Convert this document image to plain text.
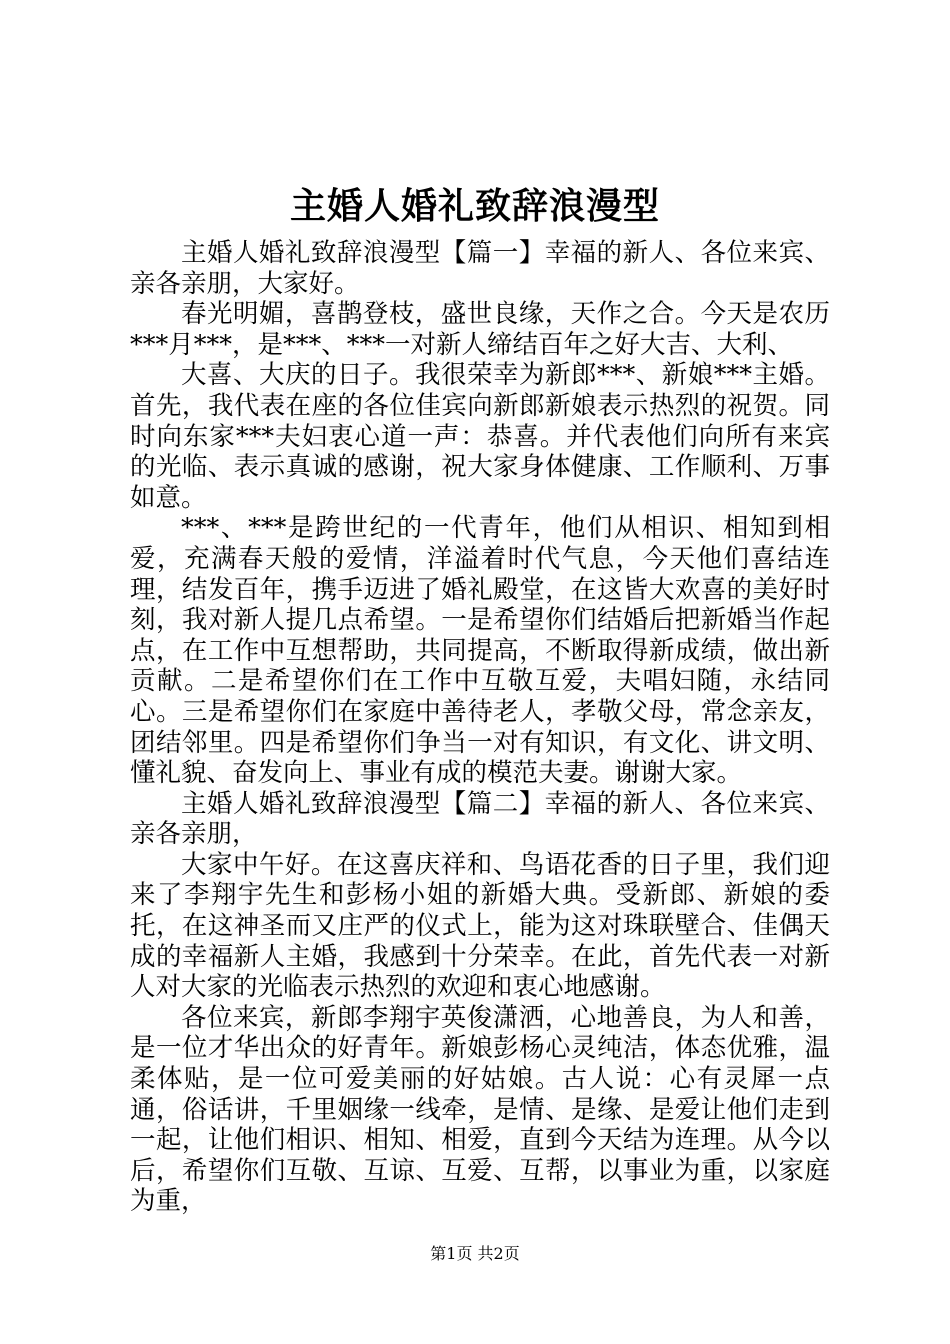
主婚人婚礼致辞浪漫型

主婚人婚礼致辞浪漫型【篇一】幸福的新人、各位来宾、亲各亲朋，大家好。

春光明媚，喜鹊登枝，盛世良缘，天作之合。今天是农历***月***，是***、***一对新人缔结百年之好大吉、大利、

大喜、大庆的日子。我很荣幸为新郎***、新娘***主婚。首先，我代表在座的各位佳宾向新郎新娘表示热烈的祝贺。同时向东家***夫妇衷心道一声：恭喜。并代表他们向所有来宾的光临、表示真诚的感谢，祝大家身体健康、工作顺利、万事如意。

***、***是跨世纪的一代青年，他们从相识、相知到相爱，充满春天般的爱情，洋溢着时代气息，今天他们喜结连理，结发百年，携手迈进了婚礼殿堂，在这皆大欢喜的美好时刻，我对新人提几点希望。一是希望你们结婚后把新婚当作起点，在工作中互想帮助，共同提高，不断取得新成绩，做出新贡献。二是希望你们在工作中互敬互爱，夫唱妇随，永结同心。三是希望你们在家庭中善待老人，孝敬父母，常念亲友，团结邻里。四是希望你们争当一对有知识，有文化、讲文明、懂礼貌、奋发向上、事业有成的模范夫妻。谢谢大家。

主婚人婚礼致辞浪漫型【篇二】幸福的新人、各位来宾、亲各亲朋，

大家中午好。在这喜庆祥和、鸟语花香的日子里，我们迎来了李翔宇先生和彭杨小姐的新婚大典。受新郎、新娘的委托，在这神圣而又庄严的仪式上，能为这对珠联壁合、佳偶天成的幸福新人主婚，我感到十分荣幸。在此，首先代表一对新人对大家的光临表示热烈的欢迎和衷心地感谢。

各位来宾，新郎李翔宇英俊潇洒，心地善良，为人和善，是一位才华出众的好青年。新娘彭杨心灵纯洁，体态优雅，温柔体贴，是一位可爱美丽的好姑娘。古人说：心有灵犀一点通，俗话讲，千里姻缘一线牵，是情、是缘、是爱让他们走到一起，让他们相识、相知、相爱，直到今天结为连理。从今以后，希望你们互敬、互谅、互爱、互帮，以事业为重，以家庭为重，

第1页 共2页
